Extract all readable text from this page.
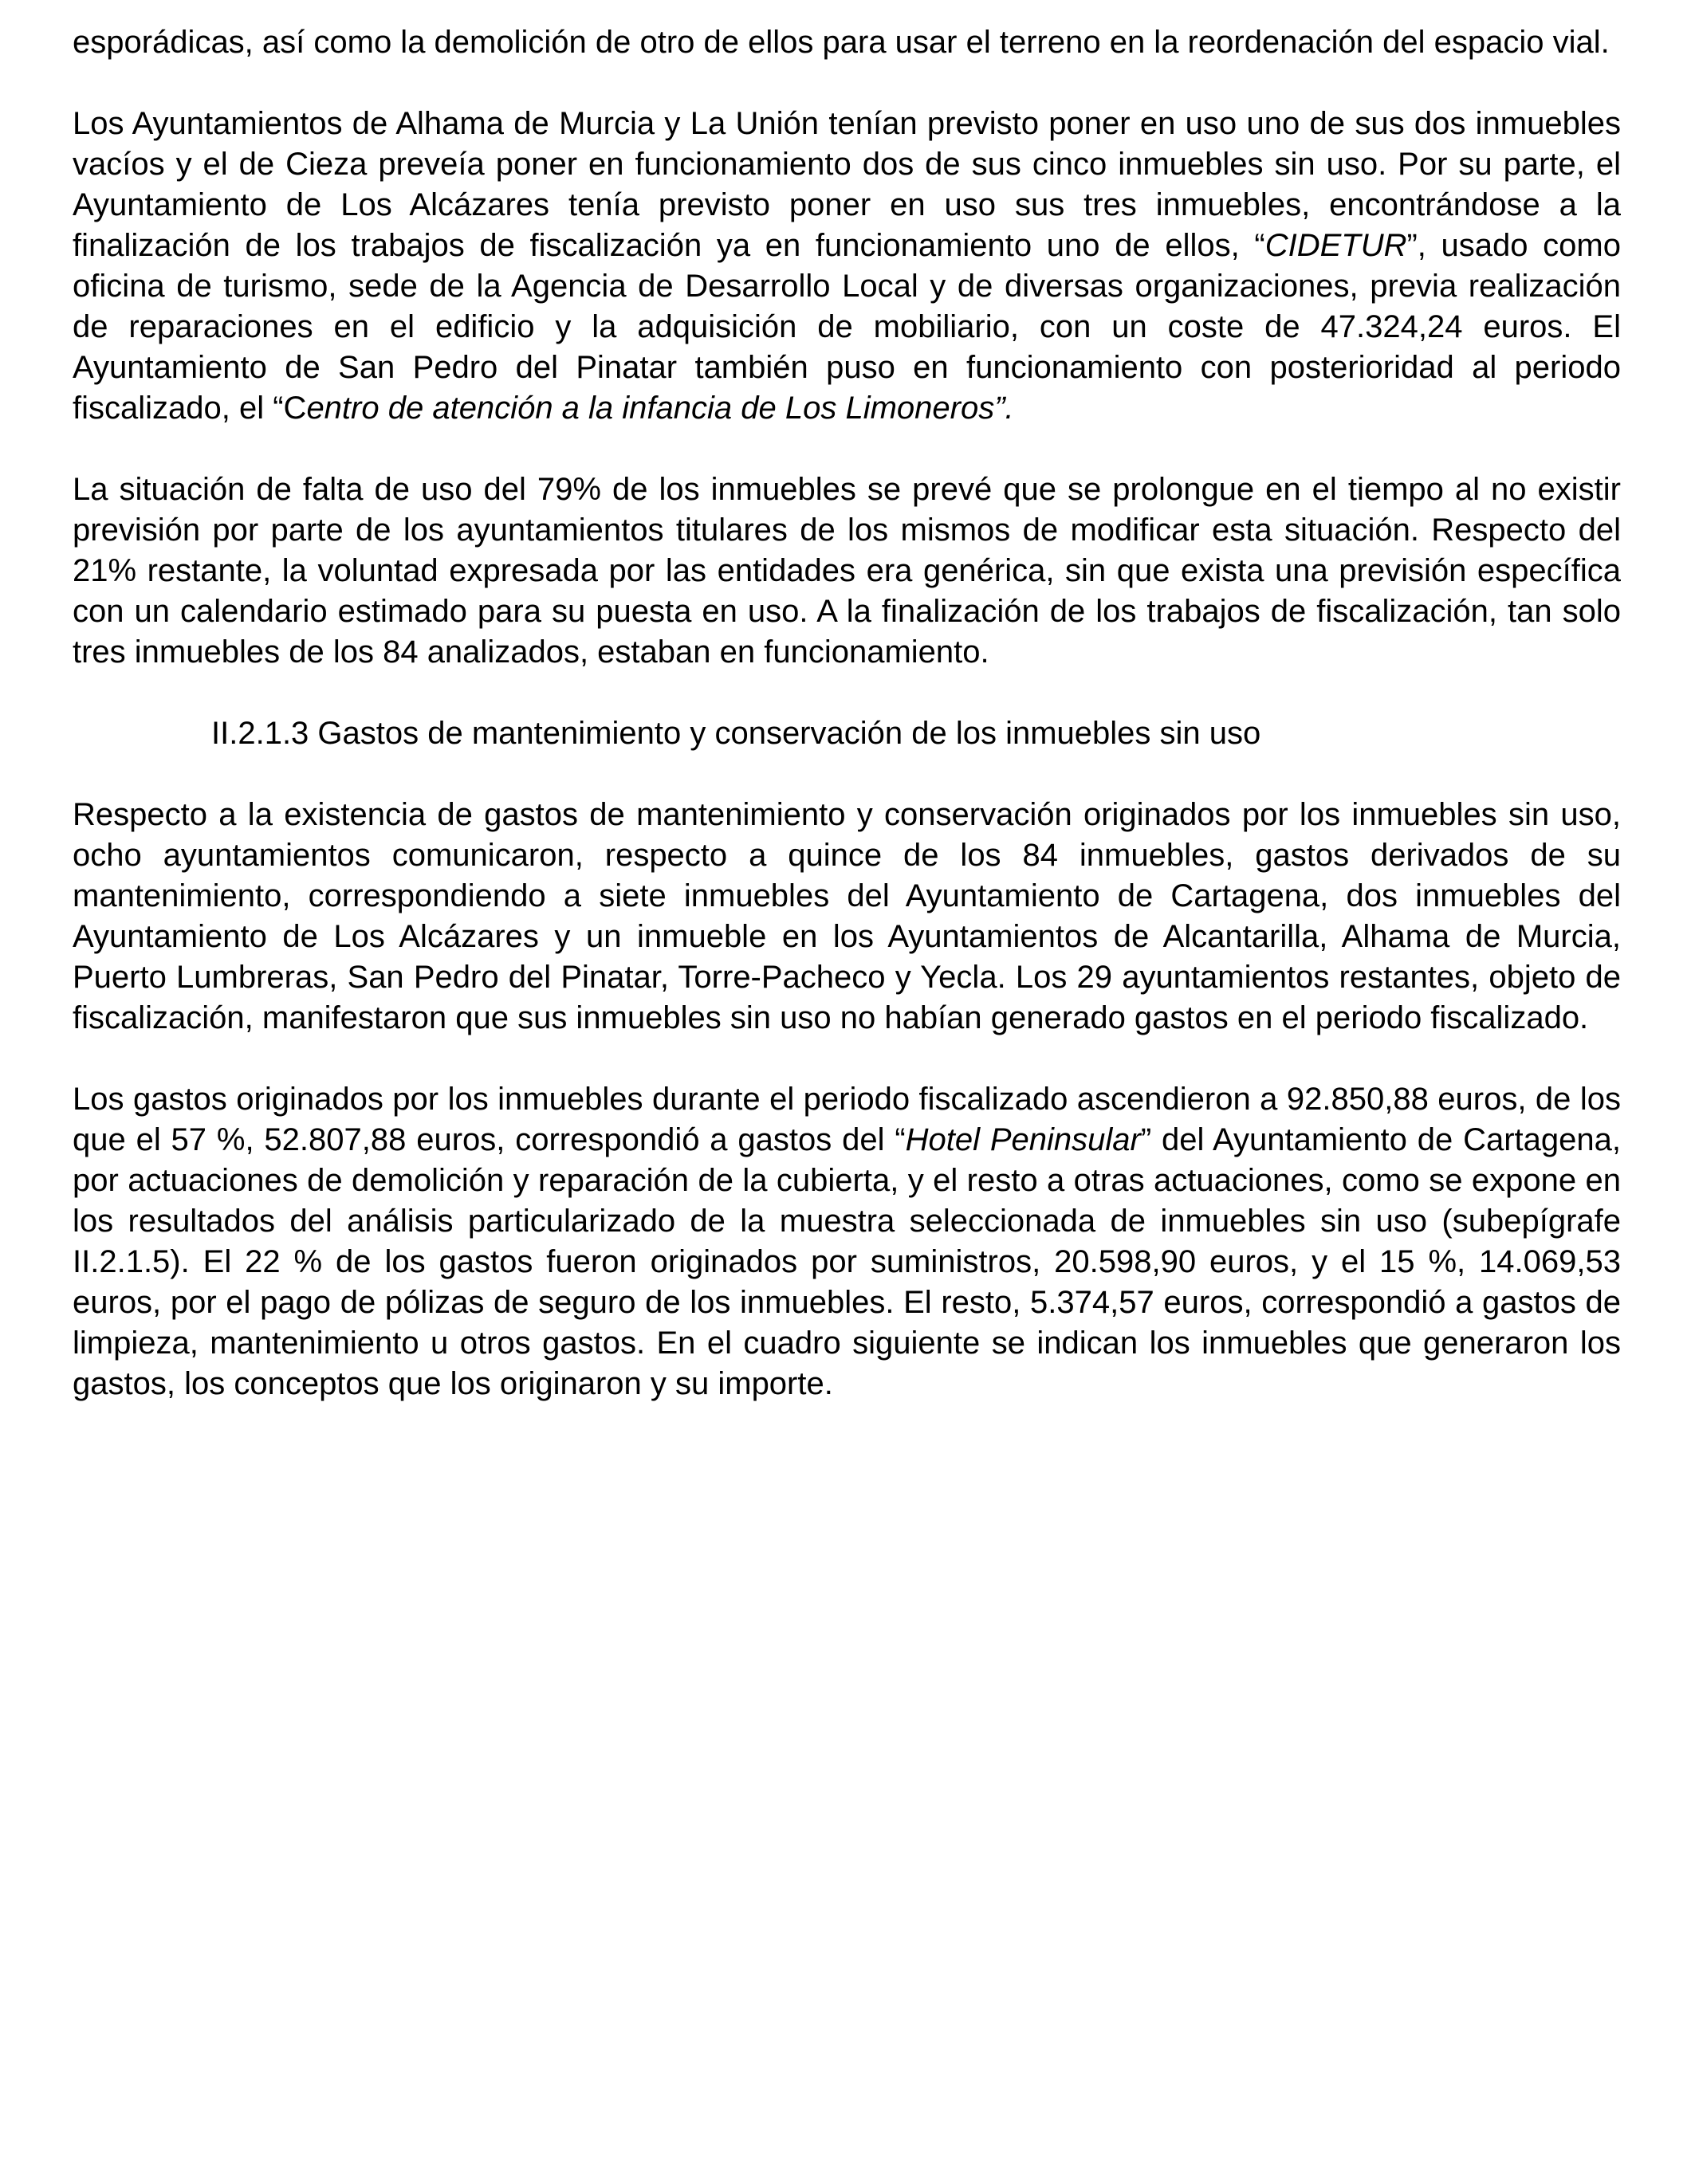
esporádicas, así como la demolición de otro de ellos para usar el terreno en la reordenación del espacio vial.

Los Ayuntamientos de Alhama de Murcia y La Unión tenían previsto poner en uso uno de sus dos inmuebles vacíos y el de Cieza preveía poner en funcionamiento dos de sus cinco inmuebles sin uso. Por su parte, el Ayuntamiento de Los Alcázares tenía previsto poner en uso sus tres inmuebles, encontrándose a la finalización de los trabajos de fiscalización ya en funcionamiento uno de ellos, “CIDETUR”, usado como oficina de turismo, sede de la Agencia de Desarrollo Local y de diversas organizaciones, previa realización de reparaciones en el edificio y la adquisición de mobiliario, con un coste de 47.324,24 euros. El Ayuntamiento de San Pedro del Pinatar también puso en funcionamiento con posterioridad al periodo fiscalizado, el “Centro de atención a la infancia de Los Limoneros”.

La situación de falta de uso del 79% de los inmuebles se prevé que se prolongue en el tiempo al no existir previsión por parte de los ayuntamientos titulares de los mismos de modificar esta situación. Respecto del 21% restante, la voluntad expresada por las entidades era genérica, sin que exista una previsión específica con un calendario estimado para su puesta en uso. A la finalización de los trabajos de fiscalización, tan solo tres inmuebles de los 84 analizados, estaban en funcionamiento.

II.2.1.3 Gastos de mantenimiento y conservación de los inmuebles sin uso

Respecto a la existencia de gastos de mantenimiento y conservación originados por los inmuebles sin uso, ocho ayuntamientos comunicaron, respecto a quince de los 84 inmuebles, gastos derivados de su mantenimiento, correspondiendo a siete inmuebles del Ayuntamiento de Cartagena, dos inmuebles del Ayuntamiento de Los Alcázares y un inmueble en los Ayuntamientos de Alcantarilla, Alhama de Murcia, Puerto Lumbreras, San Pedro del Pinatar, Torre-Pacheco y Yecla. Los 29 ayuntamientos restantes, objeto de fiscalización, manifestaron que sus inmuebles sin uso no habían generado gastos en el periodo fiscalizado.

Los gastos originados por los inmuebles durante el periodo fiscalizado ascendieron a 92.850,88 euros, de los que el 57 %, 52.807,88 euros, correspondió a gastos del “Hotel Peninsular” del Ayuntamiento de Cartagena, por actuaciones de demolición y reparación de la cubierta, y el resto a otras actuaciones, como se expone en los resultados del análisis particularizado de la muestra seleccionada de inmuebles sin uso (subepígrafe II.2.1.5). El 22 % de los gastos fueron originados por suministros, 20.598,90 euros, y el 15 %, 14.069,53 euros, por el pago de pólizas de seguro de los inmuebles. El resto, 5.374,57 euros, correspondió a gastos de limpieza, mantenimiento u otros gastos. En el cuadro siguiente se indican los inmuebles que generaron los gastos, los conceptos que los originaron y su importe.
